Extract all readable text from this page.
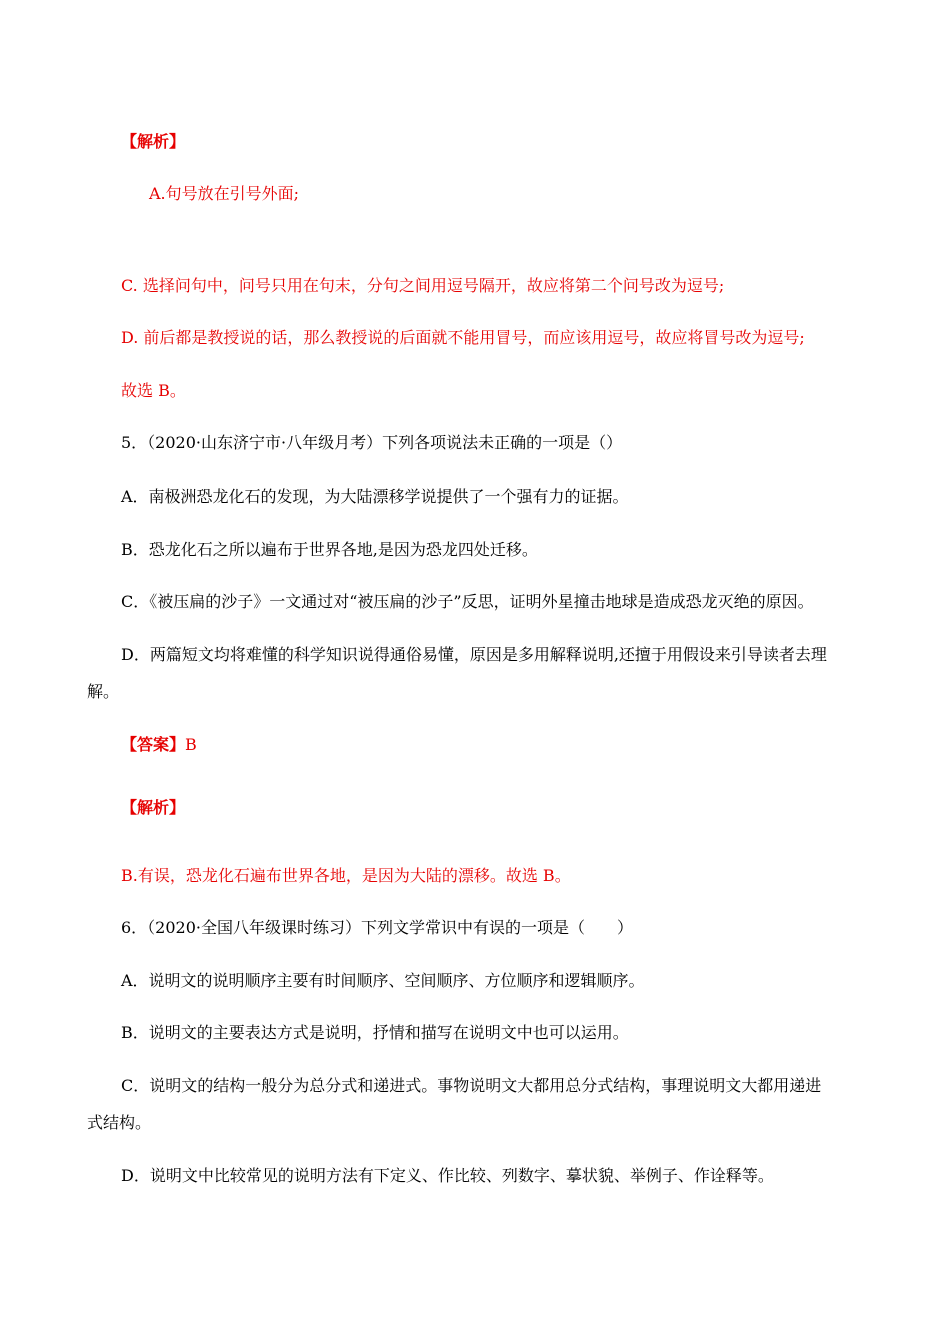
【解析】
A.句号放在引号外面;
C. 选择问句中，问号只用在句末，分句之间用逗号隔开，故应将第二个问号改为逗号;
D. 前后都是教授说的话，那么教授说的后面就不能用冒号，而应该用逗号，故应将冒号改为逗号;
故选 B。
5．（2020·山东济宁市·八年级月考）下列各项说法未正确的一项是（）
A．南极洲恐龙化石的发现，为大陆漂移学说提供了一个强有力的证据。
B．恐龙化石之所以遍布于世界各地,是因为恐龙四处迁移。
C．《被压扁的沙子》一文通过对“被压扁的沙子”反思，证明外星撞击地球是造成恐龙灭绝的原因。
D．两篇短文均将难懂的科学知识说得通俗易懂，原因是多用解释说明,还擅于用假设来引导读者去理
解。
【答案】B
【解析】
B.有误，恐龙化石遍布世界各地，是因为大陆的漂移。故选 B。
6．（2020·全国八年级课时练习）下列文学常识中有误的一项是（　　）
A．说明文的说明顺序主要有时间顺序、空间顺序、方位顺序和逻辑顺序。
B．说明文的主要表达方式是说明，抒情和描写在说明文中也可以运用。
C．说明文的结构一般分为总分式和递进式。事物说明文大都用总分式结构，事理说明文大都用递进
式结构。
D．说明文中比较常见的说明方法有下定义、作比较、列数字、摹状貌、举例子、作诠释等。
